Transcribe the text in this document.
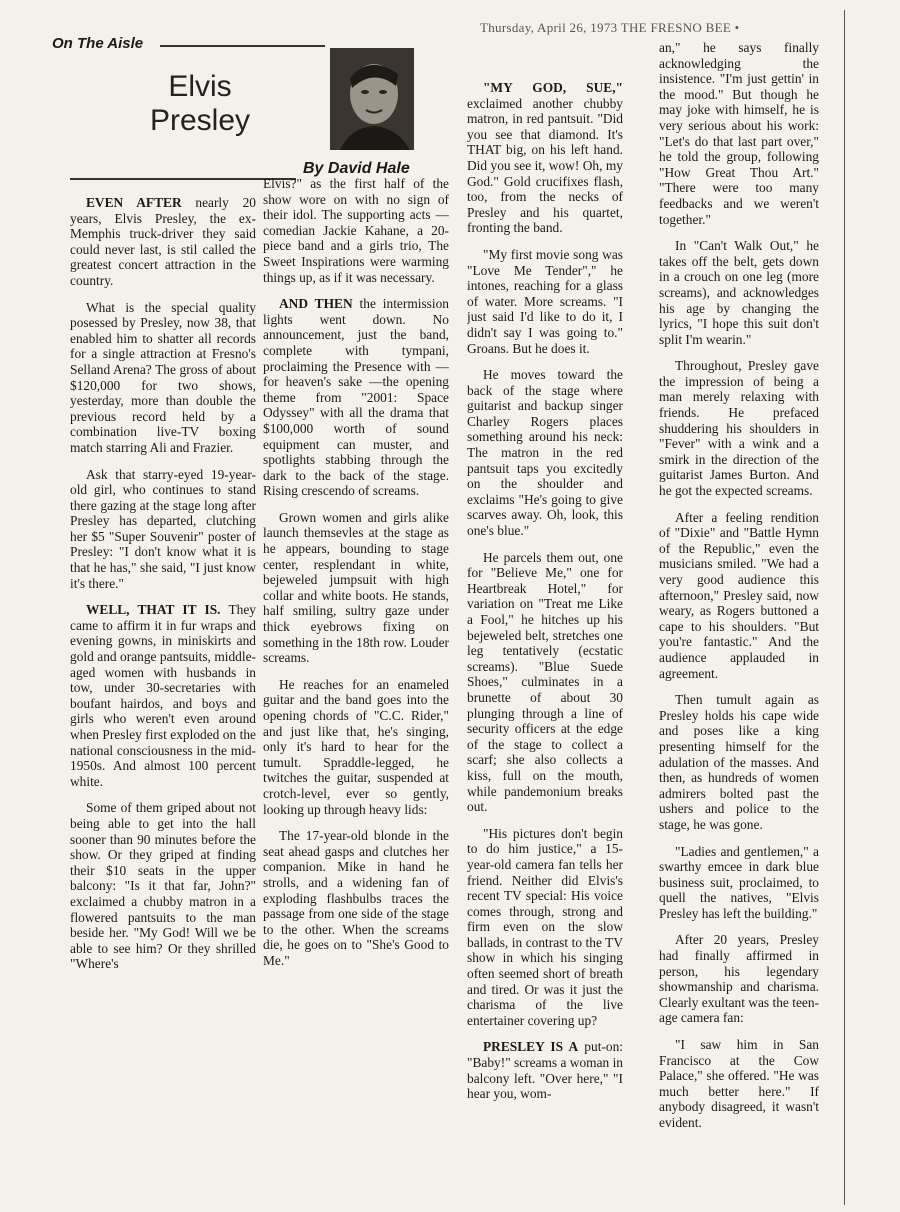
Thursday, April 26, 1973 THE FRESNO BEE •
On The Aisle
Elvis
Presley
By David Hale

EVEN AFTER nearly 20 years, Elvis Presley, the ex-Memphis truck-driver they said could never last, is stil called the greatest concert attraction in the country.

What is the special quality posessed by Presley, now 38, that enabled him to shatter all records for a single attraction at Fresno's Selland Arena? The gross of about $120,000 for two shows, yesterday, more than double the previous record held by a combination live-TV boxing match starring Ali and Frazier.

Ask that starry-eyed 19-year-old girl, who continues to stand there gazing at the stage long after Presley has departed, clutching her $5 "Super Souvenir" poster of Presley: "I don't know what it is that he has," she said, "I just know it's there."

WELL, THAT IT IS. They came to affirm it in fur wraps and evening gowns, in miniskirts and gold and orange pantsuits, middle-aged women with husbands in tow, under 30-secretaries with boufant hairdos, and boys and girls who weren't even around when Presley first exploded on the national consciousness in the mid-1950s. And almost 100 percent white.

Some of them griped about not being able to get into the hall sooner than 90 minutes before the show. Or they griped at finding their $10 seats in the upper balcony: "Is it that far, John?" exclaimed a chubby matron in a flowered pantsuits to the man beside her. "My God! Will we be able to see him? Or they shrilled "Where's

Elvis?" as the first half of the show wore on with no sign of their idol. The supporting acts — comedian Jackie Kahane, a 20-piece band and a girls trio, The Sweet Inspirations were warming things up, as if it was necessary.

AND THEN the intermission lights went down. No announcement, just the band, complete with tympani, proclaiming the Presence with — for heaven's sake —the opening theme from "2001: Space Odyssey" with all the drama that $100,000 worth of sound equipment can muster, and spotlights stabbing through the dark to the back of the stage. Rising crescendo of screams.

Grown women and girls alike launch themsevles at the stage as he appears, bounding to stage center, resplendant in white, bejeweled jumpsuit with high collar and white boots. He stands, half smiling, sultry gaze under thick eyebrows fixing on something in the 18th row. Louder screams.

He reaches for an enameled guitar and the band goes into the opening chords of "C.C. Rider," and just like that, he's singing, only it's hard to hear for the tumult. Spraddle-legged, he twitches the guitar, suspended at crotch-level, ever so gently, looking up through heavy lids:

The 17-year-old blonde in the seat ahead gasps and clutches her companion. Mike in hand he strolls, and a widening fan of exploding flashbulbs traces the passage from one side of the stage to the other. When the screams die, he goes on to "She's Good to Me."

"MY GOD, SUE," exclaimed another chubby matron, in red pantsuit. "Did you see that diamond. It's THAT big, on his left hand. Did you see it, wow! Oh, my God." Gold crucifixes flash, too, from the necks of Presley and his quartet, fronting the band.

"My first movie song was "Love Me Tender"," he intones, reaching for a glass of water. More screams. "I just said I'd like to do it, I didn't say I was going to." Groans. But he does it.

He moves toward the back of the stage where guitarist and backup singer Charley Rogers places something around his neck: The matron in the red pantsuit taps you excitedly on the shoulder and exclaims "He's going to give scarves away. Oh, look, this one's blue."

He parcels them out, one for "Believe Me," one for Heartbreak Hotel," for variation on "Treat me Like a Fool," he hitches up his bejeweled belt, stretches one leg tentatively (ecstatic screams). "Blue Suede Shoes," culminates in a brunette of about 30 plunging through a line of security officers at the edge of the stage to collect a scarf; she also collects a kiss, full on the mouth, while pandemonium breaks out.

"His pictures don't begin to do him justice," a 15-year-old camera fan tells her friend. Neither did Elvis's recent TV special: His voice comes through, strong and firm even on the slow ballads, in contrast to the TV show in which his singing often seemed short of breath and tired. Or was it just the charisma of the live entertainer covering up?

PRESLEY IS A put-on: "Baby!" screams a woman in balcony left. "Over here," "I hear you, wom-

an," he says finally acknowledging the insistence. "I'm just gettin' in the mood." But though he may joke with himself, he is very serious about his work: "Let's do that last part over," he told the group, following "How Great Thou Art." "There were too many feedbacks and we weren't together."

In "Can't Walk Out," he takes off the belt, gets down in a crouch on one leg (more screams), and acknowledges his age by changing the lyrics, "I hope this suit don't split I'm wearin."

Throughout, Presley gave the impression of being a man merely relaxing with friends. He prefaced shuddering his shoulders in "Fever" with a wink and a smirk in the direction of the guitarist James Burton. And he got the expected screams.

After a feeling rendition of "Dixie" and "Battle Hymn of the Republic," even the musicians smiled. "We had a very good audience this afternoon," Presley said, now weary, as Rogers buttoned a cape to his shoulders. "But you're fantastic." And the audience applauded in agreement.

Then tumult again as Presley holds his cape wide and poses like a king presenting himself for the adulation of the masses. And then, as hundreds of women admirers bolted past the ushers and police to the stage, he was gone.

"Ladies and gentlemen," a swarthy emcee in dark blue business suit, proclaimed, to quell the natives, "Elvis Presley has left the building."

After 20 years, Presley had finally affirmed in person, his legendary showmanship and charisma. Clearly exultant was the teen-age camera fan:

"I saw him in San Francisco at the Cow Palace," she offered. "He was much better here." If anybody disagreed, it wasn't evident.
